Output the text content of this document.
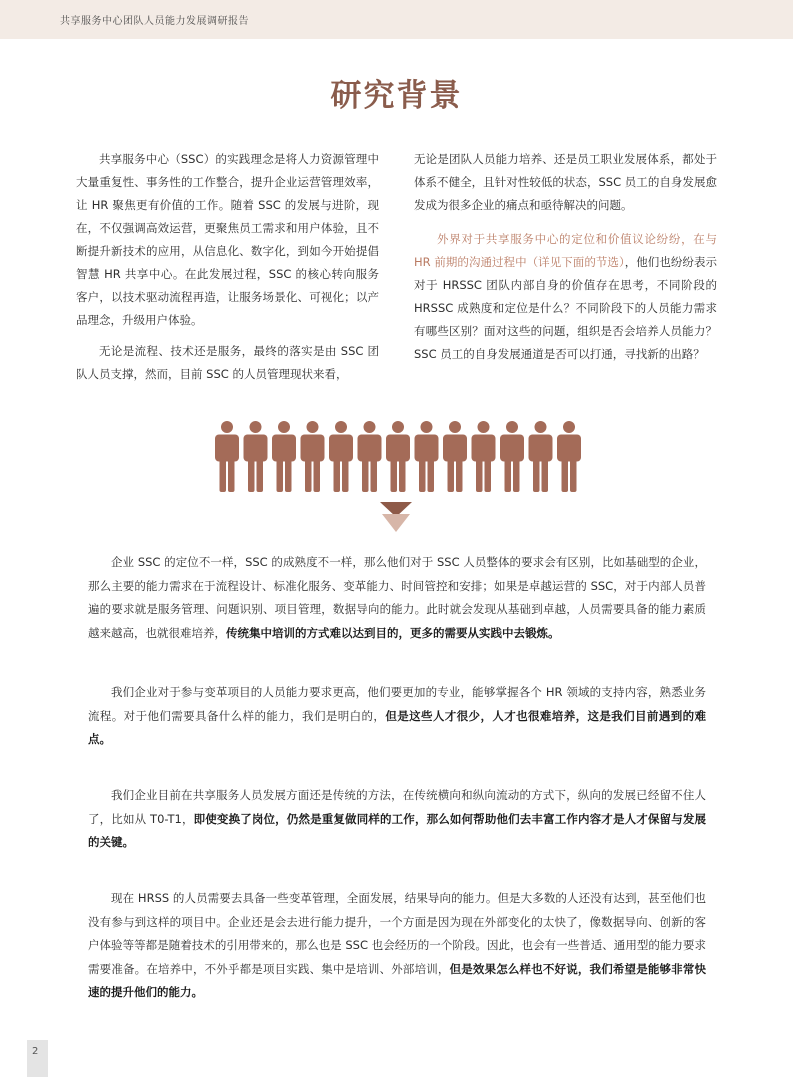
共享服务中心团队人员能力发展调研报告
研究背景

共享服务中心（SSC）的实践理念是将人力资源管理中大量重复性、事务性的工作整合，提升企业运营管理效率，让 HR 聚焦更有价值的工作。随着 SSC 的发展与进阶，现在，不仅强调高效运营，更聚焦员工需求和用户体验，且不断提升新技术的应用，从信息化、数字化，到如今开始提倡智慧 HR 共享中心。在此发展过程，SSC 的核心转向服务客户，以技术驱动流程再造，让服务场景化、可视化；以产品理念，升级用户体验。

无论是流程、技术还是服务，最终的落实是由 SSC 团队人员支撑，然而，目前 SSC 的人员管理现状来看，

无论是团队人员能力培养、还是员工职业发展体系，都处于体系不健全，且针对性较低的状态，SSC 员工的自身发展愈发成为很多企业的痛点和亟待解决的问题。

外界对于共享服务中心的定位和价值议论纷纷，在与 HR 前期的沟通过程中（详见下面的节选），他们也纷纷表示对于 HRSSC 团队内部自身的价值存在思考，不同阶段的 HRSSC 成熟度和定位是什么？不同阶段下的人员能力需求有哪些区别？面对这些的问题，组织是否会培养人员能力？ SSC 员工的自身发展通道是否可以打通，寻找新的出路？

企业 SSC 的定位不一样，SSC 的成熟度不一样，那么他们对于 SSC 人员整体的要求会有区别，比如基础型的企业，那么主要的能力需求在于流程设计、标准化服务、变革能力、时间管控和安排；如果是卓越运营的 SSC，对于内部人员普遍的要求就是服务管理、问题识别、项目管理，数据导向的能力。此时就会发现从基础到卓越，人员需要具备的能力素质越来越高，也就很难培养，传统集中培训的方式难以达到目的，更多的需要从实践中去锻炼。

我们企业对于参与变革项目的人员能力要求更高，他们要更加的专业，能够掌握各个 HR 领域的支持内容，熟悉业务流程。对于他们需要具备什么样的能力，我们是明白的，但是这些人才很少，人才也很难培养，这是我们目前遇到的难点。

我们企业目前在共享服务人员发展方面还是传统的方法，在传统横向和纵向流动的方式下，纵向的发展已经留不住人了，比如从 T0-T1，即使变换了岗位，仍然是重复做同样的工作，那么如何帮助他们去丰富工作内容才是人才保留与发展的关键。

现在 HRSS 的人员需要去具备一些变革管理，全面发展，结果导向的能力。但是大多数的人还没有达到，甚至他们也没有参与到这样的项目中。企业还是会去进行能力提升，一个方面是因为现在外部变化的太快了，像数据导向、创新的客户体验等等都是随着技术的引用带来的，那么也是 SSC 也会经历的一个阶段。因此，也会有一些普适、通用型的能力要求需要准备。在培养中，不外乎都是项目实践、集中是培训、外部培训，但是效果怎么样也不好说，我们希望是能够非常快速的提升他们的能力。

2
